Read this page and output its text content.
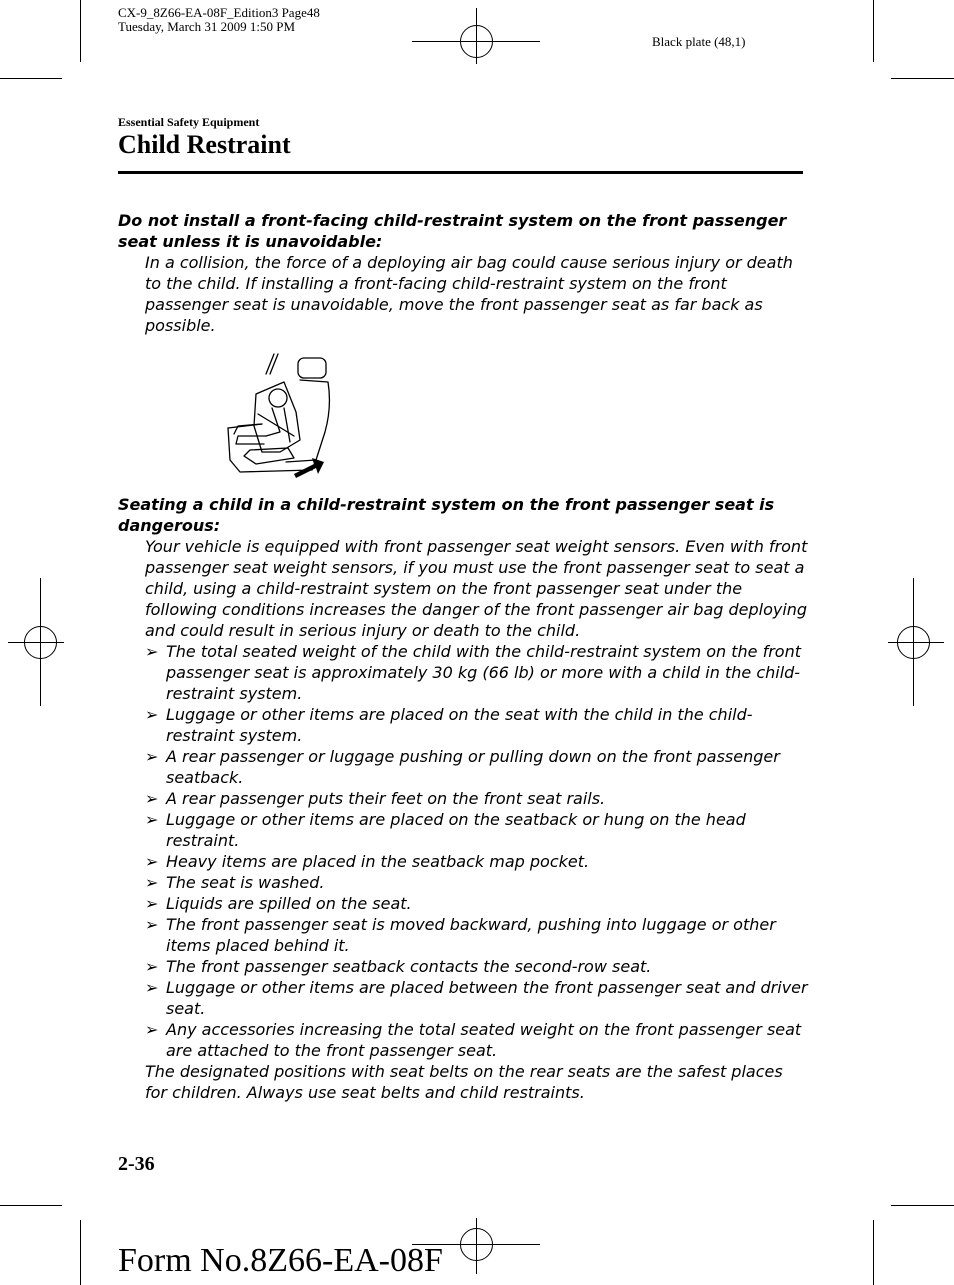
CX-9_8Z66-EA-08F_Edition3 Page48
Tuesday, March 31 2009 1:50 PM
Black plate (48,1)
Essential Safety Equipment
Child Restraint
Do not install a front-facing child-restraint system on the front passenger seat unless it is unavoidable:
In a collision, the force of a deploying air bag could cause serious injury or death to the child. If installing a front-facing child-restraint system on the front passenger seat is unavoidable, move the front passenger seat as far back as possible.
Seating a child in a child-restraint system on the front passenger seat is dangerous:
Your vehicle is equipped with front passenger seat weight sensors. Even with front passenger seat weight sensors, if you must use the front passenger seat to seat a child, using a child-restraint system on the front passenger seat under the following conditions increases the danger of the front passenger air bag deploying and could result in serious injury or death to the child.
➢ The total seated weight of the child with the child-restraint system on the front passenger seat is approximately 30 kg (66 lb) or more with a child in the child-restraint system.
➢ Luggage or other items are placed on the seat with the child in the child-restraint system.
➢ A rear passenger or luggage pushing or pulling down on the front passenger seatback.
➢ A rear passenger puts their feet on the front seat rails.
➢ Luggage or other items are placed on the seatback or hung on the head restraint.
➢ Heavy items are placed in the seatback map pocket.
➢ The seat is washed.
➢ Liquids are spilled on the seat.
➢ The front passenger seat is moved backward, pushing into luggage or other items placed behind it.
➢ The front passenger seatback contacts the second-row seat.
➢ Luggage or other items are placed between the front passenger seat and driver seat.
➢ Any accessories increasing the total seated weight on the front passenger seat are attached to the front passenger seat.
The designated positions with seat belts on the rear seats are the safest places for children. Always use seat belts and child restraints.
2-36
Form No.8Z66-EA-08F
